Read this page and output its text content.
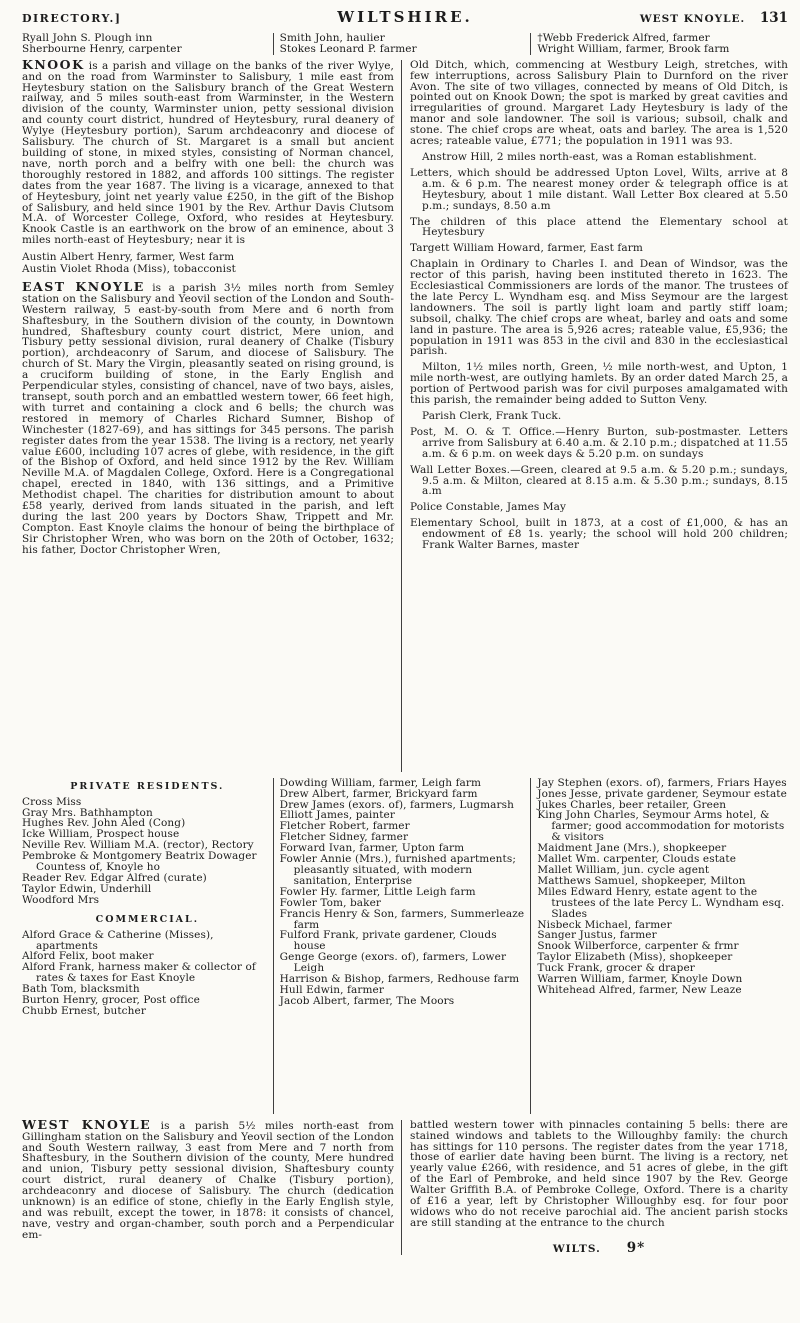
DIRECTORY.]	WILTSHIRE.	WEST KNOYLE. 131
Ryall John S. Plough inn
Sherbourne Henry, carpenter
Smith John, haulier
Stokes Leonard P. farmer
†Webb Frederick Alfred, farmer
Wright William, farmer, Brook farm

KNOOK is a parish and village on the banks of the river Wylye, and on the road from Warminster to Salisbury, 1 mile east from Heytesbury station on the Salisbury branch of the Great Western railway, and 5 miles south-east from Warminster, in the Western division of the county, Warminster union, petty sessional division and county court district, hundred of Heytesbury, rural deanery of Wylye (Heytesbury portion), Sarum archdeaconry and diocese of Salisbury. The church of St. Margaret is a small but ancient building of stone, in mixed styles, consisting of Norman chancel, nave, north porch and a belfry with one bell: the church was thoroughly restored in 1882, and affords 100 sittings. The register dates from the year 1687. The living is a vicarage, annexed to that of Heytesbury, joint net yearly value £250, in the gift of the Bishop of Salisbury, and held since 1901 by the Rev. Arthur Davis Clutsom M.A. of Worcester College, Oxford, who resides at Heytesbury. Knook Castle is an earthwork on the brow of an eminence, about 3 miles north-east of Heytesbury; near it is

Austin Albert Henry, farmer, West farm
Austin Violet Rhoda (Miss), tobacconist

EAST KNOYLE is a parish 3½ miles north from Semley station on the Salisbury and Yeovil section of the London and South-Western railway, 5 east-by-south from Mere and 6 north from Shaftesbury, in the Southern division of the county, in Downtown hundred, Shaftesbury county court district, Mere union, and Tisbury petty sessional division, rural deanery of Chalke (Tisbury portion), archdeaconry of Sarum, and diocese of Salisbury. The church of St. Mary the Virgin, pleasantly seated on rising ground, is a cruciform building of stone, in the Early English and Perpendicular styles, consisting of chancel, nave of two bays, aisles, transept, south porch and an embattled western tower, 66 feet high, with turret and containing a clock and 6 bells; the church was restored in memory of Charles Richard Sumner, Bishop of Winchester (1827-69), and has sittings for 345 persons. The parish register dates from the year 1538. The living is a rectory, net yearly value £600, including 107 acres of glebe, with residence, in the gift of the Bishop of Oxford, and held since 1912 by the Rev. William Neville M.A. of Magdalen College, Oxford. Here is a Congregational chapel, erected in 1840, with 136 sittings, and a Primitive Methodist chapel. The charities for distribution amount to about £58 yearly, derived from lands situated in the parish, and left during the last 200 years by Doctors Shaw, Trippett and Mr. Compton. East Knoyle claims the honour of being the birthplace of Sir Christopher Wren, who was born on the 20th of October, 1632; his father, Doctor Christopher Wren,

Old Ditch, which, commencing at Westbury Leigh, stretches, with few interruptions, across Salisbury Plain to Durnford on the river Avon. The site of two villages, connected by means of Old Ditch, is pointed out on Knook Down; the spot is marked by great cavities and irregularities of ground. Margaret Lady Heytesbury is lady of the manor and sole landowner. The soil is various; subsoil, chalk and stone. The chief crops are wheat, oats and barley. The area is 1,520 acres; rateable value, £771; the population in 1911 was 93.
Anstrow Hill, 2 miles north-east, was a Roman establishment.
Letters, which should be addressed Upton Lovel, Wilts, arrive at 8 a.m. & 6 p.m. The nearest money order & telegraph office is at Heytesbury, about 1 mile distant. Wall Letter Box cleared at 5.50 p.m.; sundays, 8.50 a.m
The children of this place attend the Elementary school at Heytesbury
Targett William Howard, farmer, East farm
Chaplain in Ordinary to Charles I. and Dean of Windsor, was the rector of this parish, having been instituted thereto in 1623. The Ecclesiastical Commissioners are lords of the manor. The trustees of the late Percy L. Wyndham esq. and Miss Seymour are the largest landowners. The soil is partly light loam and partly stiff loam; subsoil, chalky. The chief crops are wheat, barley and oats and some land in pasture. The area is 5,926 acres; rateable value, £5,936; the population in 1911 was 853 in the civil and 830 in the ecclesiastical parish.
Milton, 1½ miles north, Green, ½ mile north-west, and Upton, 1 mile north-west, are outlying hamlets. By an order dated March 25, a portion of Pertwood parish was for civil purposes amalgamated with this parish, the remainder being added to Sutton Veny.
Parish Clerk, Frank Tuck.
Post, M. O. & T. Office.—Henry Burton, sub-postmaster. Letters arrive from Salisbury at 6.40 a.m. & 2.10 p.m.; dispatched at 11.55 a.m. & 6 p.m. on week days & 5.20 p.m. on sundays
Wall Letter Boxes.—Green, cleared at 9.5 a.m. & 5.20 p.m.; sundays, 9.5 a.m. & Milton, cleared at 8.15 a.m. & 5.30 p.m.; sundays, 8.15 a.m
Police Constable, James May
Elementary School, built in 1873, at a cost of £1,000, & has an endowment of £8 1s. yearly; the school will hold 200 children; Frank Walter Barnes, master
PRIVATE RESIDENTS.
Cross Miss
Gray Mrs. Bathhampton
Hughes Rev. John Aled (Cong)
Icke William, Prospect house
Neville Rev. William M.A. (rector), Rectory
Pembroke & Montgomery Beatrix Dowager Countess of, Knoyle ho
Reader Rev. Edgar Alfred (curate)
Taylor Edwin, Underhill
Woodford Mrs
COMMERCIAL.
Alford Grace & Catherine (Misses), apartments
Alford Felix, boot maker
Alford Frank, harness maker & collector of rates & taxes for East Knoyle
Bath Tom, blacksmith
Burton Henry, grocer, Post office
Chubb Ernest, butcher
Dowding William, farmer, Leigh farm
Drew Albert, farmer, Brickyard farm
Drew James (exors. of), farmers, Lugmarsh
Elliott James, painter
Fletcher Robert, farmer
Fletcher Sidney, farmer
Forward Ivan, farmer, Upton farm
Fowler Annie (Mrs.), furnished apartments; pleasantly situated, with modern sanitation, Enterprise
Fowler Hy. farmer, Little Leigh farm
Fowler Tom, baker
Francis Henry & Son, farmers, Summerleaze farm
Fulford Frank, private gardener, Clouds house
Genge George (exors. of), farmers, Lower Leigh
Harrison & Bishop, farmers, Redhouse farm
Hull Edwin, farmer
Jacob Albert, farmer, The Moors
Jay Stephen (exors. of), farmers, Friars Hayes
Jones Jesse, private gardener, Seymour estate
Jukes Charles, beer retailer, Green
King John Charles, Seymour Arms hotel, & farmer; good accommodation for motorists & visitors
Maidment Jane (Mrs.), shopkeeper
Mallet Wm. carpenter, Clouds estate
Mallet William, jun. cycle agent
Matthews Samuel, shopkeeper, Milton
Miles Edward Henry, estate agent to the trustees of the late Percy L. Wyndham esq. Slades
Nisbeck Michael, farmer
Sanger Justus, farmer
Snook Wilberforce, carpenter & frmr
Taylor Elizabeth (Miss), shopkeeper
Tuck Frank, grocer & draper
Warren William, farmer, Knoyle Down
Whitehead Alfred, farmer, New Leaze

WEST KNOYLE is a parish 5½ miles north-east from Gillingham station on the Salisbury and Yeovil section of the London and South Western railway, 3 east from Mere and 7 north from Shaftesbury, in the Southern division of the county, Mere hundred and union, Tisbury petty sessional division, Shaftesbury county court district, rural deanery of Chalke (Tisbury portion), archdeaconry and diocese of Salisbury. The church (dedication unknown) is an edifice of stone, chiefly in the Early English style, and was rebuilt, except the tower, in 1878: it consists of chancel, nave, vestry and organ-chamber, south porch and a Perpendicular em-

battled western tower with pinnacles containing 5 bells: there are stained windows and tablets to the Willoughby family: the church has sittings for 110 persons. The register dates from the year 1718, those of earlier date having been burnt. The living is a rectory, net yearly value £266, with residence, and 51 acres of glebe, in the gift of the Earl of Pembroke, and held since 1907 by the Rev. George Walter Griffith B.A. of Pembroke College, Oxford. There is a charity of £16 a year, left by Christopher Willoughby esq. for four poor widows who do not receive parochial aid. The ancient parish stocks are still standing at the entrance to the church

WILTS. 9*
